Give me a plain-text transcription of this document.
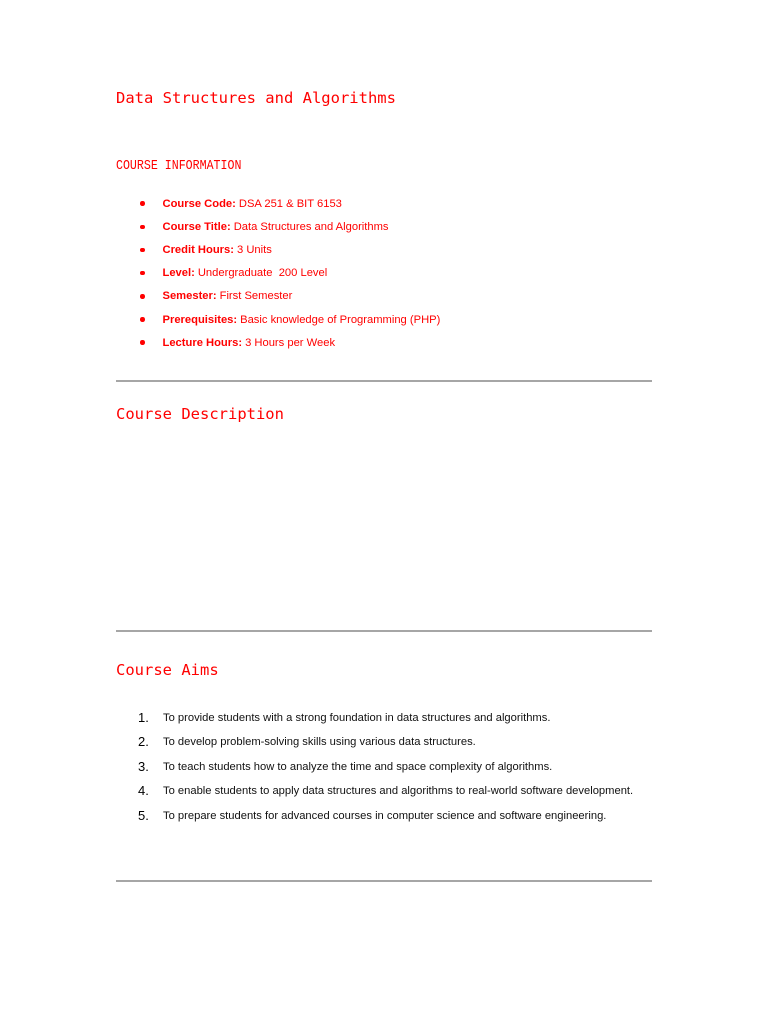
Data Structures and Algorithms
COURSE INFORMATION
Course Code: DSA 251 & BIT 6153
Course Title: Data Structures and Algorithms
Credit Hours: 3 Units
Level: Undergraduate  200 Level
Semester: First Semester
Prerequisites: Basic knowledge of Programming (PHP)
Lecture Hours: 3 Hours per Week
Course Description
Course Aims
1.	To provide students with a strong foundation in data structures and algorithms.
2.	To develop problem-solving skills using various data structures.
3.	To teach students how to analyze the time and space complexity of algorithms.
4.	To enable students to apply data structures and algorithms to real-world software development.
5.	To prepare students for advanced courses in computer science and software engineering.
